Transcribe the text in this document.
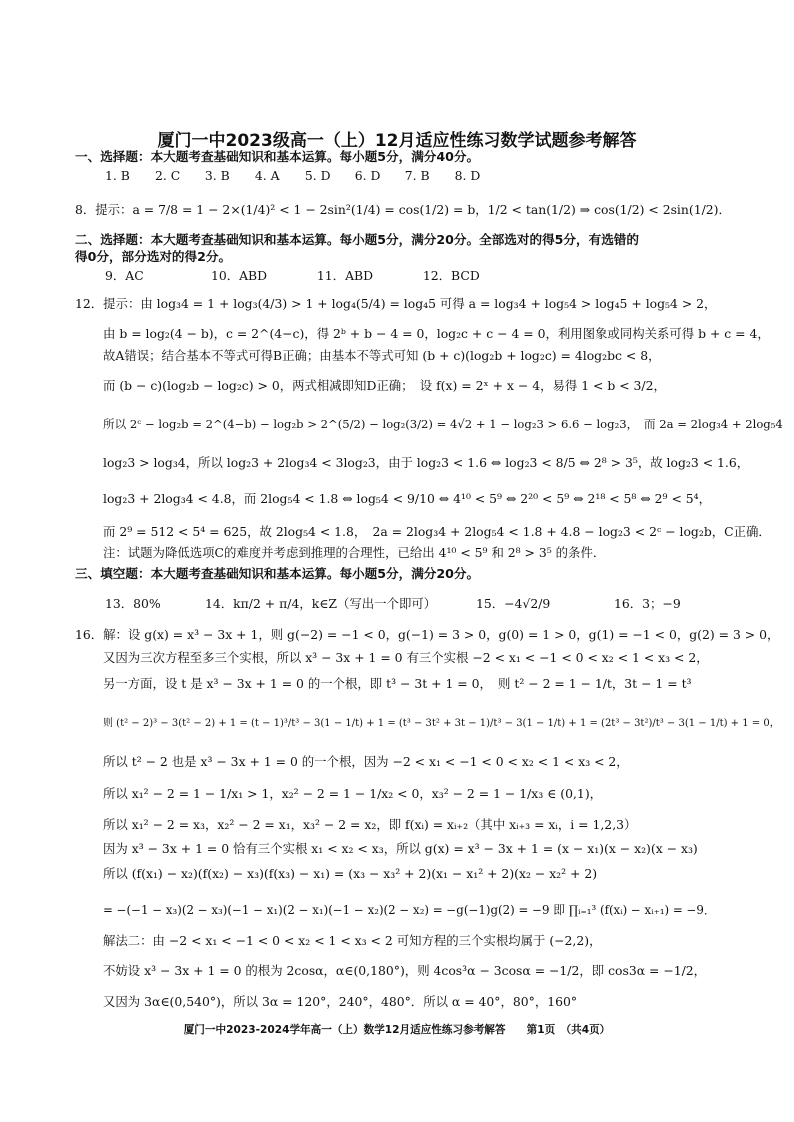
厦门一中2023级高一（上）12月适应性练习数学试题参考解答
一、选择题：本大题考查基础知识和基本运算。每小题5分，满分40分。
1. B 2. C 3. B 4. A 5. D 6. D 7. B 8. D
8．提示：a = 7/8 = 1 − 2×(1/4)² < 1 − 2sin²(1/4) = cos(1/2) = b，1/2 < tan(1/2) ⇒ cos(1/2) < 2sin(1/2)．
二、选择题：本大题考查基础知识和基本运算。每小题5分，满分20分。全部选对的得5分，有选错的
得0分，部分选对的得2分。
9．AC	10．ABD	11．ABD	12．BCD
12．提示：由 log₃4 = 1 + log₃(4/3) > 1 + log₄(5/4) = log₄5 可得 a = log₃4 + log₅4 > log₄5 + log₅4 > 2，
由 b = log₂(4 − b)，c = 2^(4−c)，得 2ᵇ + b − 4 = 0，log₂c + c − 4 = 0，利用图象或同构关系可得 b + c = 4，
故A错误；结合基本不等式可得B正确；由基本不等式可知 (b + c)(log₂b + log₂c) = 4log₂bc < 8，
而 (b − c)(log₂b − log₂c) > 0，两式相减即知D正确；　设 f(x) = 2ˣ + x − 4，易得 1 < b < 3/2，
所以 2ᶜ − log₂b = 2^(4−b) − log₂b > 2^(5/2) − log₂(3/2) = 4√2 + 1 − log₂3 > 6.6 − log₂3，　而 2a = 2log₃4 + 2log₅4
log₂3 > log₃4，所以 log₂3 + 2log₃4 < 3log₂3，由于 log₂3 < 1.6 ⇔ log₂3 < 8/5 ⇔ 2⁸ > 3⁵，故 log₂3 < 1.6，
log₂3 + 2log₃4 < 4.8，而 2log₅4 < 1.8 ⇔ log₅4 < 9/10 ⇔ 4¹⁰ < 5⁹ ⇔ 2²⁰ < 5⁹ ⇔ 2¹⁸ < 5⁸ ⇔ 2⁹ < 5⁴，
而 2⁹ = 512 < 5⁴ = 625，故 2log₅4 < 1.8，　2a = 2log₃4 + 2log₅4 < 1.8 + 4.8 − log₂3 < 2ᶜ − log₂b，C正确．
注：试题为降低选项C的难度并考虑到推理的合理性，已给出 4¹⁰ < 5⁹ 和 2⁸ > 3⁵ 的条件．
三、填空题：本大题考查基础知识和基本运算。每小题5分，满分20分。
13．80%	14．kπ/2 + π/4，k∈Z（写出一个即可）	15．−4√2/9	16．3；−9
16．解：设 g(x) = x³ − 3x + 1，则 g(−2) = −1 < 0，g(−1) = 3 > 0，g(0) = 1 > 0，g(1) = −1 < 0，g(2) = 3 > 0，
又因为三次方程至多三个实根，所以 x³ − 3x + 1 = 0 有三个实根 −2 < x₁ < −1 < 0 < x₂ < 1 < x₃ < 2，
另一方面，设 t 是 x³ − 3x + 1 = 0 的一个根，即 t³ − 3t + 1 = 0，　则 t² − 2 = 1 − 1/t，3t − 1 = t³
则 (t² − 2)³ − 3(t² − 2) + 1 = (t − 1)³/t³ − 3(1 − 1/t) + 1 = (t³ − 3t² + 3t − 1)/t³ − 3(1 − 1/t) + 1 = (2t³ − 3t²)/t³ − 3(1 − 1/t) + 1 = 0，
所以 t² − 2 也是 x³ − 3x + 1 = 0 的一个根，因为 −2 < x₁ < −1 < 0 < x₂ < 1 < x₃ < 2，
所以 x₁² − 2 = 1 − 1/x₁ > 1，x₂² − 2 = 1 − 1/x₂ < 0，x₃² − 2 = 1 − 1/x₃ ∈ (0,1)，
所以 x₁² − 2 = x₃，x₂² − 2 = x₁，x₃² − 2 = x₂，即 f(xᵢ) = xᵢ₊₂（其中 xᵢ₊₃ = xᵢ，i = 1,2,3）
因为 x³ − 3x + 1 = 0 恰有三个实根 x₁ < x₂ < x₃，所以 g(x) = x³ − 3x + 1 = (x − x₁)(x − x₂)(x − x₃)
所以 (f(x₁) − x₂)(f(x₂) − x₃)(f(x₃) − x₁) = (x₃ − x₃² + 2)(x₁ − x₁² + 2)(x₂ − x₂² + 2)
= −(−1 − x₃)(2 − x₃)(−1 − x₁)(2 − x₁)(−1 − x₂)(2 − x₂) = −g(−1)g(2) = −9 即 ∏ᵢ₌₁³ (f(xᵢ) − xᵢ₊₁) = −9．
解法二：由 −2 < x₁ < −1 < 0 < x₂ < 1 < x₃ < 2 可知方程的三个实根均属于 (−2,2)，
不妨设 x³ − 3x + 1 = 0 的根为 2cosα，α∈(0,180°)，则 4cos³α − 3cosα = −1/2，即 cos3α = −1/2，
又因为 3α∈(0,540°)，所以 3α = 120°，240°，480°．所以 α = 40°，80°，160°
厦门一中2023-2024学年高一（上）数学12月适应性练习参考解答　　第1页　（共4页）
